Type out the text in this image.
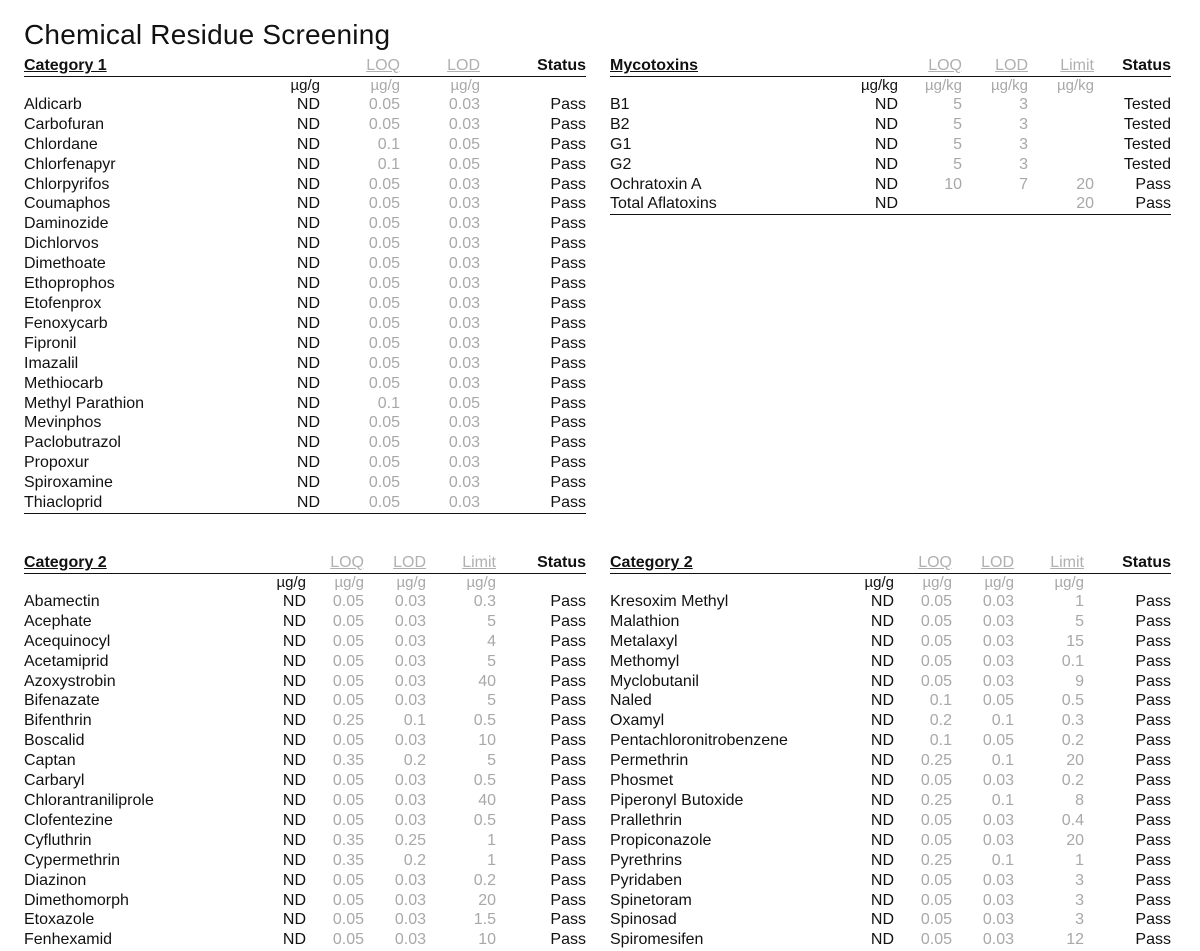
Chemical Residue Screening
Category 1		LOQ	LOD	Status
	µg/g	µg/g	µg/g	
Aldicarb	ND	0.05	0.03	Pass
Carbofuran	ND	0.05	0.03	Pass
Chlordane	ND	0.1	0.05	Pass
Chlorfenapyr	ND	0.1	0.05	Pass
Chlorpyrifos	ND	0.05	0.03	Pass
Coumaphos	ND	0.05	0.03	Pass
Daminozide	ND	0.05	0.03	Pass
Dichlorvos	ND	0.05	0.03	Pass
Dimethoate	ND	0.05	0.03	Pass
Ethoprophos	ND	0.05	0.03	Pass
Etofenprox	ND	0.05	0.03	Pass
Fenoxycarb	ND	0.05	0.03	Pass
Fipronil	ND	0.05	0.03	Pass
Imazalil	ND	0.05	0.03	Pass
Methiocarb	ND	0.05	0.03	Pass
Methyl Parathion	ND	0.1	0.05	Pass
Mevinphos	ND	0.05	0.03	Pass
Paclobutrazol	ND	0.05	0.03	Pass
Propoxur	ND	0.05	0.03	Pass
Spiroxamine	ND	0.05	0.03	Pass
Thiacloprid	ND	0.05	0.03	Pass
Mycotoxins		LOQ	LOD	Limit	Status
	µg/kg	µg/kg	µg/kg	µg/kg	
B1	ND	5	3		Tested
B2	ND	5	3		Tested
G1	ND	5	3		Tested
G2	ND	5	3		Tested
Ochratoxin A	ND	10	7	20	Pass
Total Aflatoxins	ND			20	Pass
Category 2		LOQ	LOD	Limit	Status
	µg/g	µg/g	µg/g	µg/g	
Abamectin	ND	0.05	0.03	0.3	Pass
Acephate	ND	0.05	0.03	5	Pass
Acequinocyl	ND	0.05	0.03	4	Pass
Acetamiprid	ND	0.05	0.03	5	Pass
Azoxystrobin	ND	0.05	0.03	40	Pass
Bifenazate	ND	0.05	0.03	5	Pass
Bifenthrin	ND	0.25	0.1	0.5	Pass
Boscalid	ND	0.05	0.03	10	Pass
Captan	ND	0.35	0.2	5	Pass
Carbaryl	ND	0.05	0.03	0.5	Pass
Chlorantraniliprole	ND	0.05	0.03	40	Pass
Clofentezine	ND	0.05	0.03	0.5	Pass
Cyfluthrin	ND	0.35	0.25	1	Pass
Cypermethrin	ND	0.35	0.2	1	Pass
Diazinon	ND	0.05	0.03	0.2	Pass
Dimethomorph	ND	0.05	0.03	20	Pass
Etoxazole	ND	0.05	0.03	1.5	Pass
Fenhexamid	ND	0.05	0.03	10	Pass
Category 2		LOQ	LOD	Limit	Status
	µg/g	µg/g	µg/g	µg/g	
Kresoxim Methyl	ND	0.05	0.03	1	Pass
Malathion	ND	0.05	0.03	5	Pass
Metalaxyl	ND	0.05	0.03	15	Pass
Methomyl	ND	0.05	0.03	0.1	Pass
Myclobutanil	ND	0.05	0.03	9	Pass
Naled	ND	0.1	0.05	0.5	Pass
Oxamyl	ND	0.2	0.1	0.3	Pass
Pentachloronitrobenzene	ND	0.1	0.05	0.2	Pass
Permethrin	ND	0.25	0.1	20	Pass
Phosmet	ND	0.05	0.03	0.2	Pass
Piperonyl Butoxide	ND	0.25	0.1	8	Pass
Prallethrin	ND	0.05	0.03	0.4	Pass
Propiconazole	ND	0.05	0.03	20	Pass
Pyrethrins	ND	0.25	0.1	1	Pass
Pyridaben	ND	0.05	0.03	3	Pass
Spinetoram	ND	0.05	0.03	3	Pass
Spinosad	ND	0.05	0.03	3	Pass
Spiromesifen	ND	0.05	0.03	12	Pass
